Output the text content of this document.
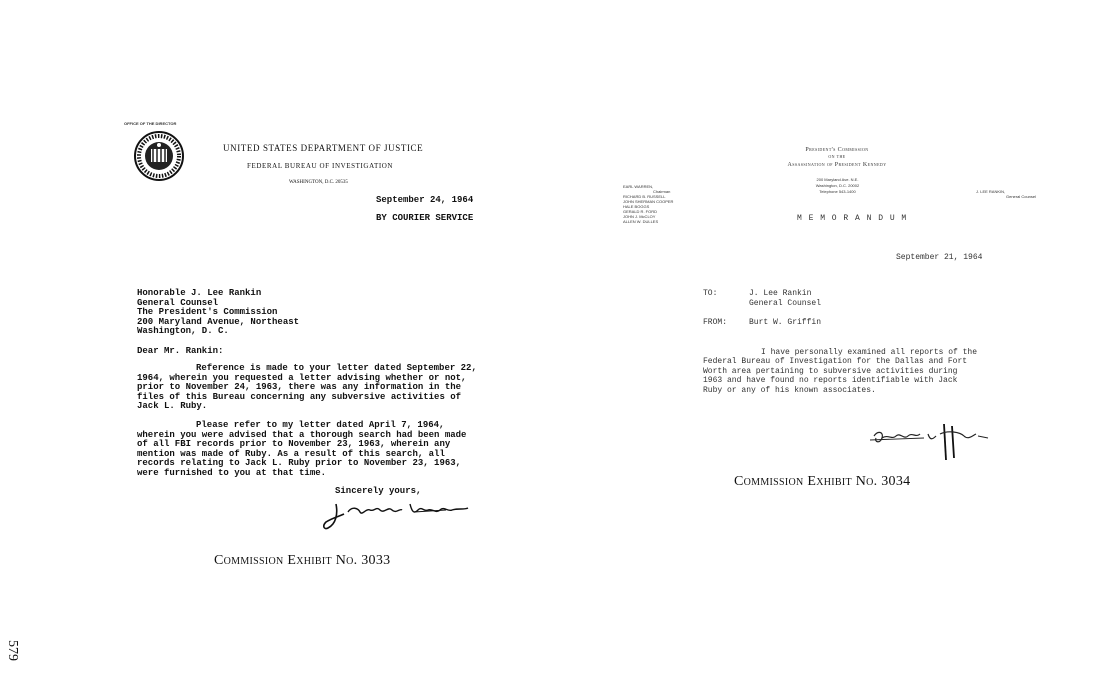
OFFICE OF THE DIRECTOR
UNITED STATES DEPARTMENT OF JUSTICE
FEDERAL BUREAU OF INVESTIGATION
WASHINGTON, D.C. 20535
September 24, 1964
BY COURIER SERVICE
Honorable J. Lee Rankin
General Counsel
The President's Commission
200 Maryland Avenue, Northeast
Washington, D. C.
Dear Mr. Rankin:
Reference is made to your letter dated September 22,
1964, wherein you requested a letter advising whether or not,
prior to November 24, 1963, there was any information in the
files of this Bureau concerning any subversive activities of
Jack L. Ruby.
Please refer to my letter dated April 7, 1964,
wherein you were advised that a thorough search had been made
of all FBI records prior to November 23, 1963, wherein any
mention was made of Ruby. As a result of this search, all
records relating to Jack L. Ruby prior to November 23, 1963,
were furnished to you at that time.
Sincerely yours,
Commission Exhibit No. 3033
579
President's Commission
on the
Assassination of President Kennedy
200 Maryland Ave. N.E.
Washington, D.C. 20002
Telephone 543-1400
EARL WARREN,
Chairman
RICHARD B. RUSSELL
JOHN SHERMAN COOPER
HALE BOGGS
GERALD R. FORD
JOHN J. McCLOY
ALLEN W. DULLES
J. LEE RANKIN,
General Counsel
M E M O R A N D U M
September 21, 1964
TO:	J. Lee Rankin
General Counsel
FROM:	Burt W. Griffin
I have personally examined all reports of the
Federal Bureau of Investigation for the Dallas and Fort
Worth area pertaining to subversive activities during
1963 and have found no reports identifiable with Jack
Ruby or any of his known associates.
Commission Exhibit No. 3034
